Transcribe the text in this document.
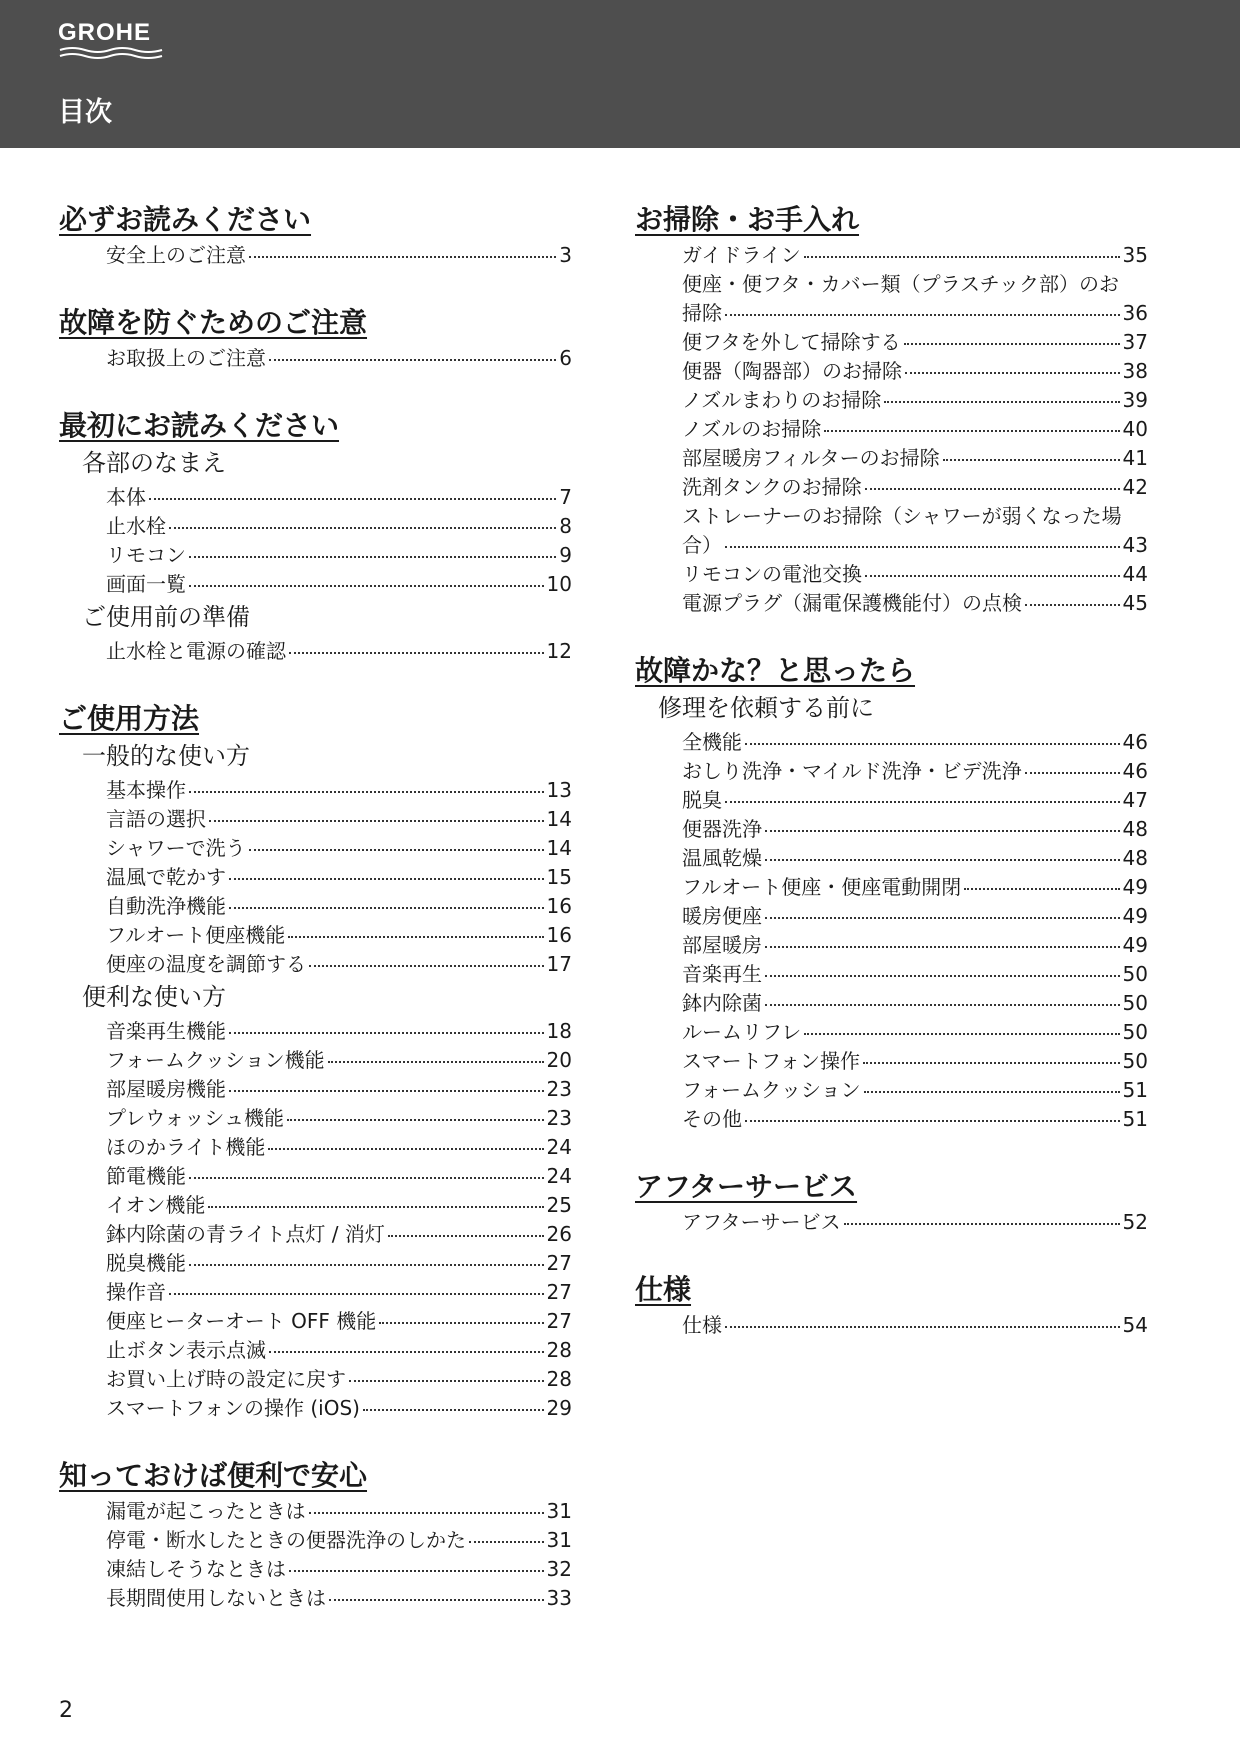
GROHE
目次
必ずお読みください
安全上のご注意	3
故障を防ぐためのご注意
お取扱上のご注意	6
最初にお読みください
各部のなまえ
本体	7
止水栓	8
リモコン	9
画面一覧	10
ご使用前の準備
止水栓と電源の確認	12
ご使用方法
一般的な使い方
基本操作	13
言語の選択	14
シャワーで洗う	14
温風で乾かす	15
自動洗浄機能	16
フルオート便座機能	16
便座の温度を調節する	17
便利な使い方
音楽再生機能	18
フォームクッション機能	20
部屋暖房機能	23
プレウォッシュ機能	23
ほのかライト機能	24
節電機能	24
イオン機能	25
鉢内除菌の青ライト点灯 / 消灯	26
脱臭機能	27
操作音	27
便座ヒーターオート OFF 機能	27
止ボタン表示点滅	28
お買い上げ時の設定に戻す	28
スマートフォンの操作 (iOS)	29
知っておけば便利で安心
漏電が起こったときは	31
停電・断水したときの便器洗浄のしかた	31
凍結しそうなときは	32
長期間使用しないときは	33
お掃除・お手入れ
ガイドライン	35
便座・便フタ・カバー類（プラスチック部）のお
掃除	36
便フタを外して掃除する	37
便器（陶器部）のお掃除	38
ノズルまわりのお掃除	39
ノズルのお掃除	40
部屋暖房フィルターのお掃除	41
洗剤タンクのお掃除	42
ストレーナーのお掃除（シャワーが弱くなった場
合）	43
リモコンの電池交換	44
電源プラグ（漏電保護機能付）の点検	45
故障かな？と思ったら
修理を依頼する前に
全機能	46
おしり洗浄・マイルド洗浄・ビデ洗浄	46
脱臭	47
便器洗浄	48
温風乾燥	48
フルオート便座・便座電動開閉	49
暖房便座	49
部屋暖房	49
音楽再生	50
鉢内除菌	50
ルームリフレ	50
スマートフォン操作	50
フォームクッション	51
その他	51
アフターサービス
アフターサービス	52
仕様
仕様	54
2
